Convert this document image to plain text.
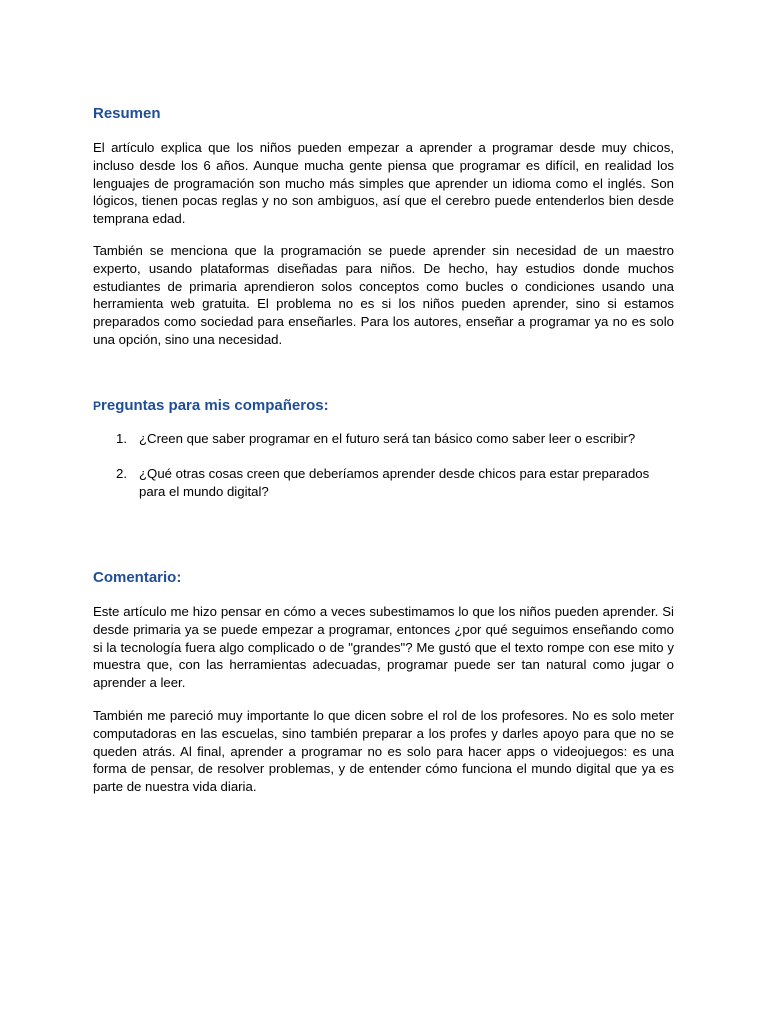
Resumen

El artículo explica que los niños pueden empezar a aprender a programar desde muy chicos, incluso desde los 6 años. Aunque mucha gente piensa que programar es difícil, en realidad los lenguajes de programación son mucho más simples que aprender un idioma como el inglés. Son lógicos, tienen pocas reglas y no son ambiguos, así que el cerebro puede entenderlos bien desde temprana edad.

También se menciona que la programación se puede aprender sin necesidad de un maestro experto, usando plataformas diseñadas para niños. De hecho, hay estudios donde muchos estudiantes de primaria aprendieron solos conceptos como bucles o condiciones usando una herramienta web gratuita. El problema no es si los niños pueden aprender, sino si estamos preparados como sociedad para enseñarles. Para los autores, enseñar a programar ya no es solo una opción, sino una necesidad.

Preguntas para mis compañeros:
1. ¿Creen que saber programar en el futuro será tan básico como saber leer o escribir?
2. ¿Qué otras cosas creen que deberíamos aprender desde chicos para estar preparados para el mundo digital?
Comentario:

Este artículo me hizo pensar en cómo a veces subestimamos lo que los niños pueden aprender. Si desde primaria ya se puede empezar a programar, entonces ¿por qué seguimos enseñando como si la tecnología fuera algo complicado o de "grandes"? Me gustó que el texto rompe con ese mito y muestra que, con las herramientas adecuadas, programar puede ser tan natural como jugar o aprender a leer.

También me pareció muy importante lo que dicen sobre el rol de los profesores. No es solo meter computadoras en las escuelas, sino también preparar a los profes y darles apoyo para que no se queden atrás. Al final, aprender a programar no es solo para hacer apps o videojuegos: es una forma de pensar, de resolver problemas, y de entender cómo funciona el mundo digital que ya es parte de nuestra vida diaria.
